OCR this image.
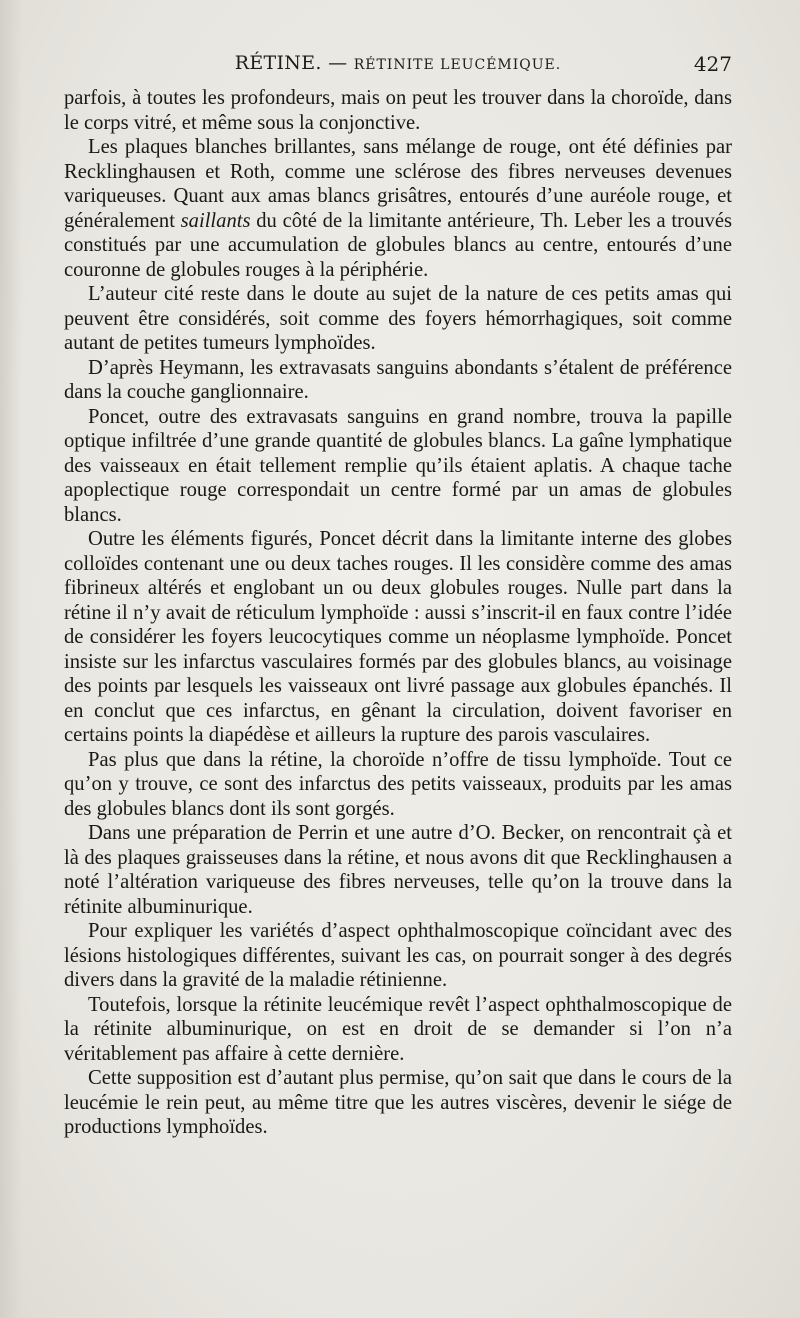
RÉTINE. — RÉTINITE LEUCÉMIQUE.	427

parfois, à toutes les profondeurs, mais on peut les trouver dans la choroïde, dans le corps vitré, et même sous la conjonctive.

Les plaques blanches brillantes, sans mélange de rouge, ont été définies par Recklinghausen et Roth, comme une sclérose des fibres nerveuses devenues variqueuses. Quant aux amas blancs grisâtres, entourés d’une auréole rouge, et généralement saillants du côté de la limitante antérieure, Th. Leber les a trouvés constitués par une accumulation de globules blancs au centre, entourés d’une couronne de globules rouges à la périphérie.

L’auteur cité reste dans le doute au sujet de la nature de ces petits amas qui peuvent être considérés, soit comme des foyers hémorrhagiques, soit comme autant de petites tumeurs lymphoïdes.

D’après Heymann, les extravasats sanguins abondants s’étalent de préférence dans la couche ganglionnaire.

Poncet, outre des extravasats sanguins en grand nombre, trouva la papille optique infiltrée d’une grande quantité de globules blancs. La gaîne lymphatique des vaisseaux en était tellement remplie qu’ils étaient aplatis. A chaque tache apoplectique rouge correspondait un centre formé par un amas de globules blancs.

Outre les éléments figurés, Poncet décrit dans la limitante interne des globes colloïdes contenant une ou deux taches rouges. Il les considère comme des amas fibrineux altérés et englobant un ou deux globules rouges. Nulle part dans la rétine il n’y avait de réticulum lymphoïde : aussi s’inscrit-il en faux contre l’idée de considérer les foyers leucocytiques comme un néoplasme lymphoïde. Poncet insiste sur les infarctus vasculaires formés par des globules blancs, au voisinage des points par lesquels les vaisseaux ont livré passage aux globules épanchés. Il en conclut que ces infarctus, en gênant la circulation, doivent favoriser en certains points la diapédèse et ailleurs la rupture des parois vasculaires.

Pas plus que dans la rétine, la choroïde n’offre de tissu lymphoïde. Tout ce qu’on y trouve, ce sont des infarctus des petits vaisseaux, produits par les amas des globules blancs dont ils sont gorgés.

Dans une préparation de Perrin et une autre d’O. Becker, on rencontrait çà et là des plaques graisseuses dans la rétine, et nous avons dit que Recklinghausen a noté l’altération variqueuse des fibres nerveuses, telle qu’on la trouve dans la rétinite albuminurique.

Pour expliquer les variétés d’aspect ophthalmoscopique coïncidant avec des lésions histologiques différentes, suivant les cas, on pourrait songer à des degrés divers dans la gravité de la maladie rétinienne.

Toutefois, lorsque la rétinite leucémique revêt l’aspect ophthalmoscopique de la rétinite albuminurique, on est en droit de se demander si l’on n’a véritablement pas affaire à cette dernière.

Cette supposition est d’autant plus permise, qu’on sait que dans le cours de la leucémie le rein peut, au même titre que les autres viscères, devenir le siége de productions lymphoïdes.
